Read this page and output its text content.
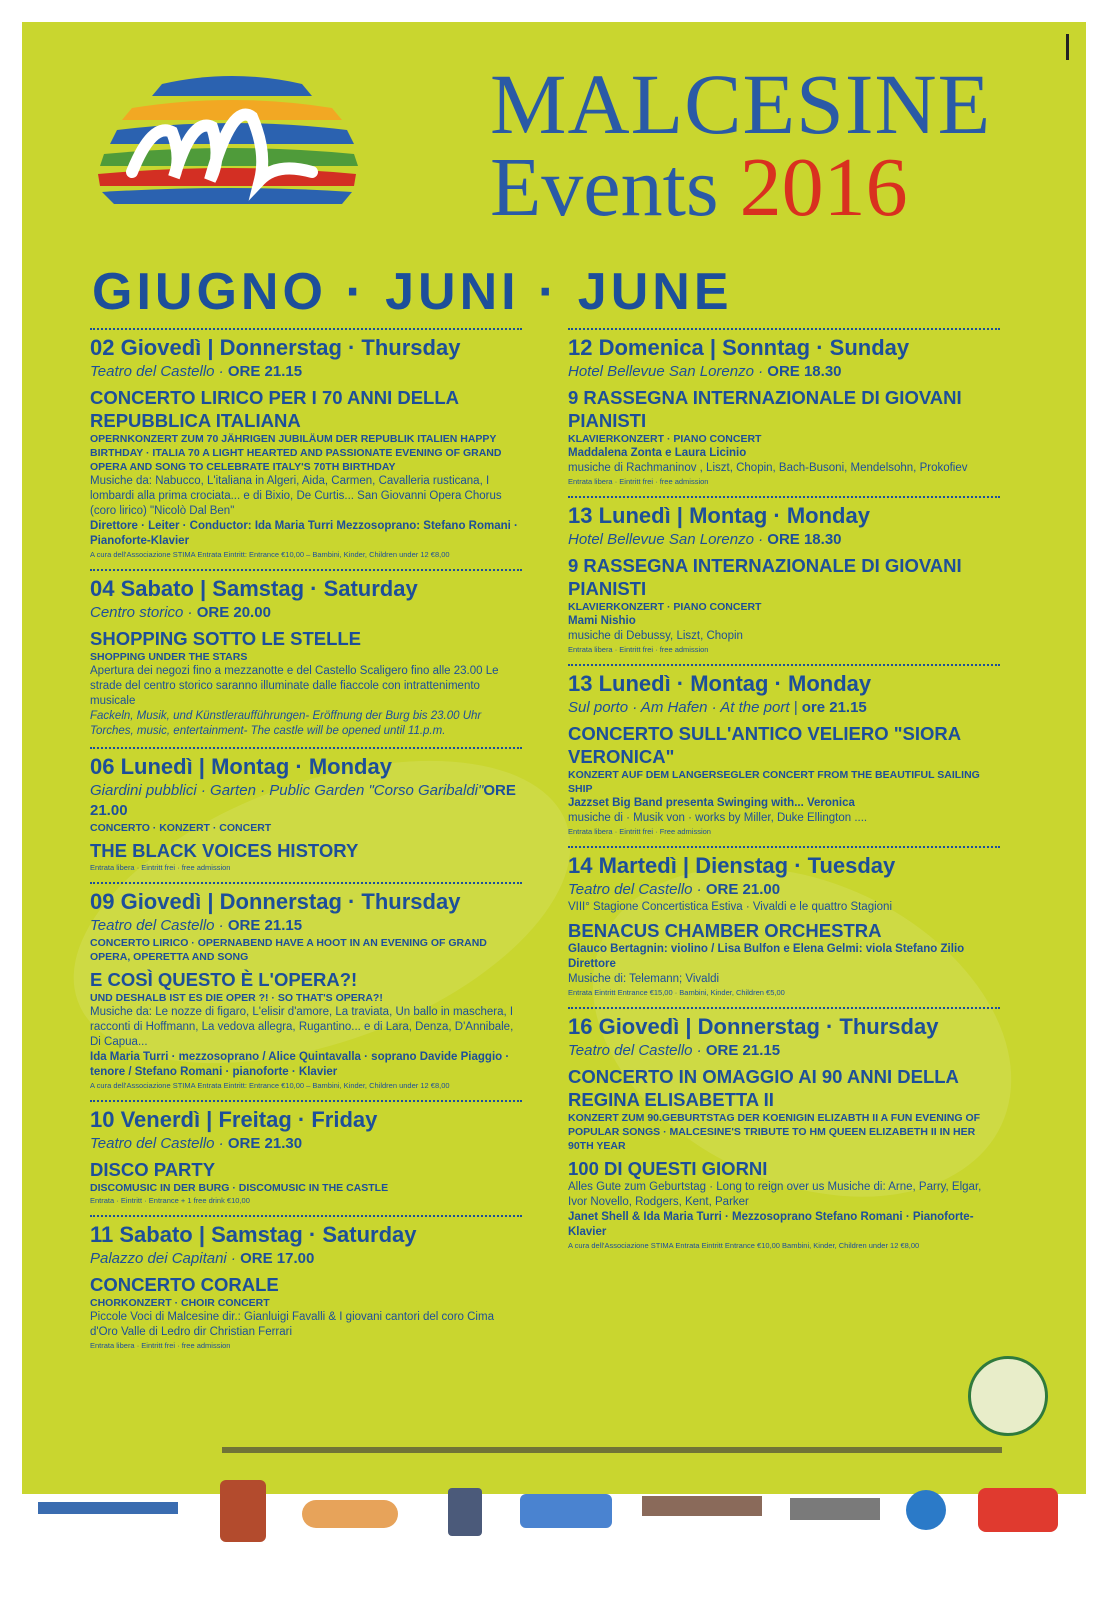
MALCESINE

Events 2016

GIUGNO · JUNI · JUNE
02 Giovedì | Donnerstag · Thursday
Teatro del Castello · ORE 21.15
CONCERTO LIRICO PER I 70 ANNI DELLA REPUBBLICA ITALIANA
OPERNKONZERT ZUM 70 JÄHRIGEN JUBILÄUM DER REPUBLIK ITALIEN HAPPY BIRTHDAY · ITALIA 70 A LIGHT HEARTED AND PASSIONATE EVENING OF GRAND OPERA AND SONG TO CELEBRATE ITALY'S 70TH BIRTHDAY
Musiche da: Nabucco, L'italiana in Algeri, Aida, Carmen, Cavalleria rusticana, I lombardi alla prima crociata... e di Bixio, De Curtis... San Giovanni Opera Chorus (coro lirico) "Nicolò Dal Ben"
Direttore · Leiter · Conductor: Ida Maria Turri Mezzosoprano: Stefano Romani · Pianoforte-Klavier
A cura dell'Associazione STIMA Entrata Eintritt: Entrance €10,00 – Bambini, Kinder, Children under 12 €8,00
04 Sabato | Samstag · Saturday
Centro storico · ORE 20.00
SHOPPING SOTTO LE STELLE
SHOPPING UNDER THE STARS
Apertura dei negozi fino a mezzanotte e del Castello Scaligero fino alle 23.00 Le strade del centro storico saranno illuminate dalle fiaccole con intrattenimento musicale
Fackeln, Musik, und Künstleraufführungen- Eröffnung der Burg bis 23.00 Uhr Torches, music, entertainment- The castle will be opened until 11.p.m.
06 Lunedì | Montag · Monday
Giardini pubblici · Garten · Public Garden "Corso Garibaldi"ORE 21.00
CONCERTO · KONZERT · CONCERT
THE BLACK VOICES HISTORY
Entrata libera · Eintritt frei · free admission
09 Giovedì | Donnerstag · Thursday
Teatro del Castello · ORE 21.15
CONCERTO LIRICO · OPERNABEND HAVE A HOOT IN AN EVENING OF GRAND OPERA, OPERETTA AND SONG
E COSÌ QUESTO È L'OPERA?!
UND DESHALB IST ES DIE OPER ?! · SO THAT'S OPERA?!
Musiche da: Le nozze di figaro, L'elisir d'amore, La traviata, Un ballo in maschera, I racconti di Hoffmann, La vedova allegra, Rugantino... e di Lara, Denza, D'Annibale, Di Capua...
Ida Maria Turri · mezzosoprano / Alice Quintavalla · soprano Davide Piaggio · tenore / Stefano Romani · pianoforte · Klavier
A cura dell'Associazione STIMA Entrata Eintritt: Entrance €10,00 – Bambini, Kinder, Children under 12 €8,00
10 Venerdì | Freitag · Friday
Teatro del Castello · ORE 21.30
DISCO PARTY
DISCOMUSIC IN DER BURG · DISCOMUSIC IN THE CASTLE
Entrata · Eintritt · Entrance + 1 free drink €10,00
11 Sabato | Samstag · Saturday
Palazzo dei Capitani · ORE 17.00
CONCERTO CORALE
CHORKONZERT · CHOIR CONCERT
Piccole Voci di Malcesine dir.: Gianluigi Favalli & I giovani cantori del coro Cima d'Oro Valle di Ledro dir Christian Ferrari
Entrata libera · Eintritt frei · free admission
12 Domenica | Sonntag · Sunday
Hotel Bellevue San Lorenzo · ORE 18.30
9 RASSEGNA INTERNAZIONALE DI GIOVANI PIANISTI
KLAVIERKONZERT · PIANO CONCERT
Maddalena Zonta e Laura Licinio
musiche di Rachmaninov , Liszt, Chopin, Bach-Busoni, Mendelsohn, Prokofiev
Entrata libera · Eintritt frei · free admission
13 Lunedì | Montag · Monday
Hotel Bellevue San Lorenzo · ORE 18.30
9 RASSEGNA INTERNAZIONALE DI GIOVANI PIANISTI
KLAVIERKONZERT · PIANO CONCERT
Mami Nishio
musiche di Debussy, Liszt, Chopin
Entrata libera · Eintritt frei · free admission
13 Lunedì · Montag · Monday
Sul porto · Am Hafen · At the port | ore 21.15
CONCERTO SULL'ANTICO VELIERO "SIORA VERONICA"
KONZERT AUF DEM LANGERSEGLER CONCERT FROM THE BEAUTIFUL SAILING SHIP
Jazzset Big Band presenta Swinging with... Veronica
musiche di · Musik von · works by Miller, Duke Ellington ....
Entrata libera · Eintritt frei · Free admission
14 Martedì | Dienstag · Tuesday
Teatro del Castello · ORE 21.00
VIII° Stagione Concertistica Estiva · Vivaldi e le quattro Stagioni
BENACUS CHAMBER ORCHESTRA
Glauco Bertagnin: violino / Lisa Bulfon e Elena Gelmi: viola Stefano Zilio Direttore
Musiche di: Telemann; Vivaldi
Entrata Eintritt Entrance €15,00 · Bambini, Kinder, Children €5,00
16 Giovedì | Donnerstag · Thursday
Teatro del Castello · ORE 21.15
CONCERTO IN OMAGGIO AI 90 ANNI DELLA REGINA ELISABETTA II
KONZERT ZUM 90.GEBURTSTAG DER KOENIGIN ELIZABTH II A FUN EVENING OF POPULAR SONGS · MALCESINE'S TRIBUTE TO HM QUEEN ELIZABETH II IN HER 90TH YEAR
100 DI QUESTI GIORNI
Alles Gute zum Geburtstag · Long to reign over us Musiche di: Arne, Parry, Elgar, Ivor Novello, Rodgers, Kent, Parker
Janet Shell & Ida Maria Turri · Mezzosoprano Stefano Romani · Pianoforte-Klavier
A cura dell'Associazione STIMA Entrata Eintritt Entrance €10,00 Bambini, Kinder, Children under 12 €8,00
